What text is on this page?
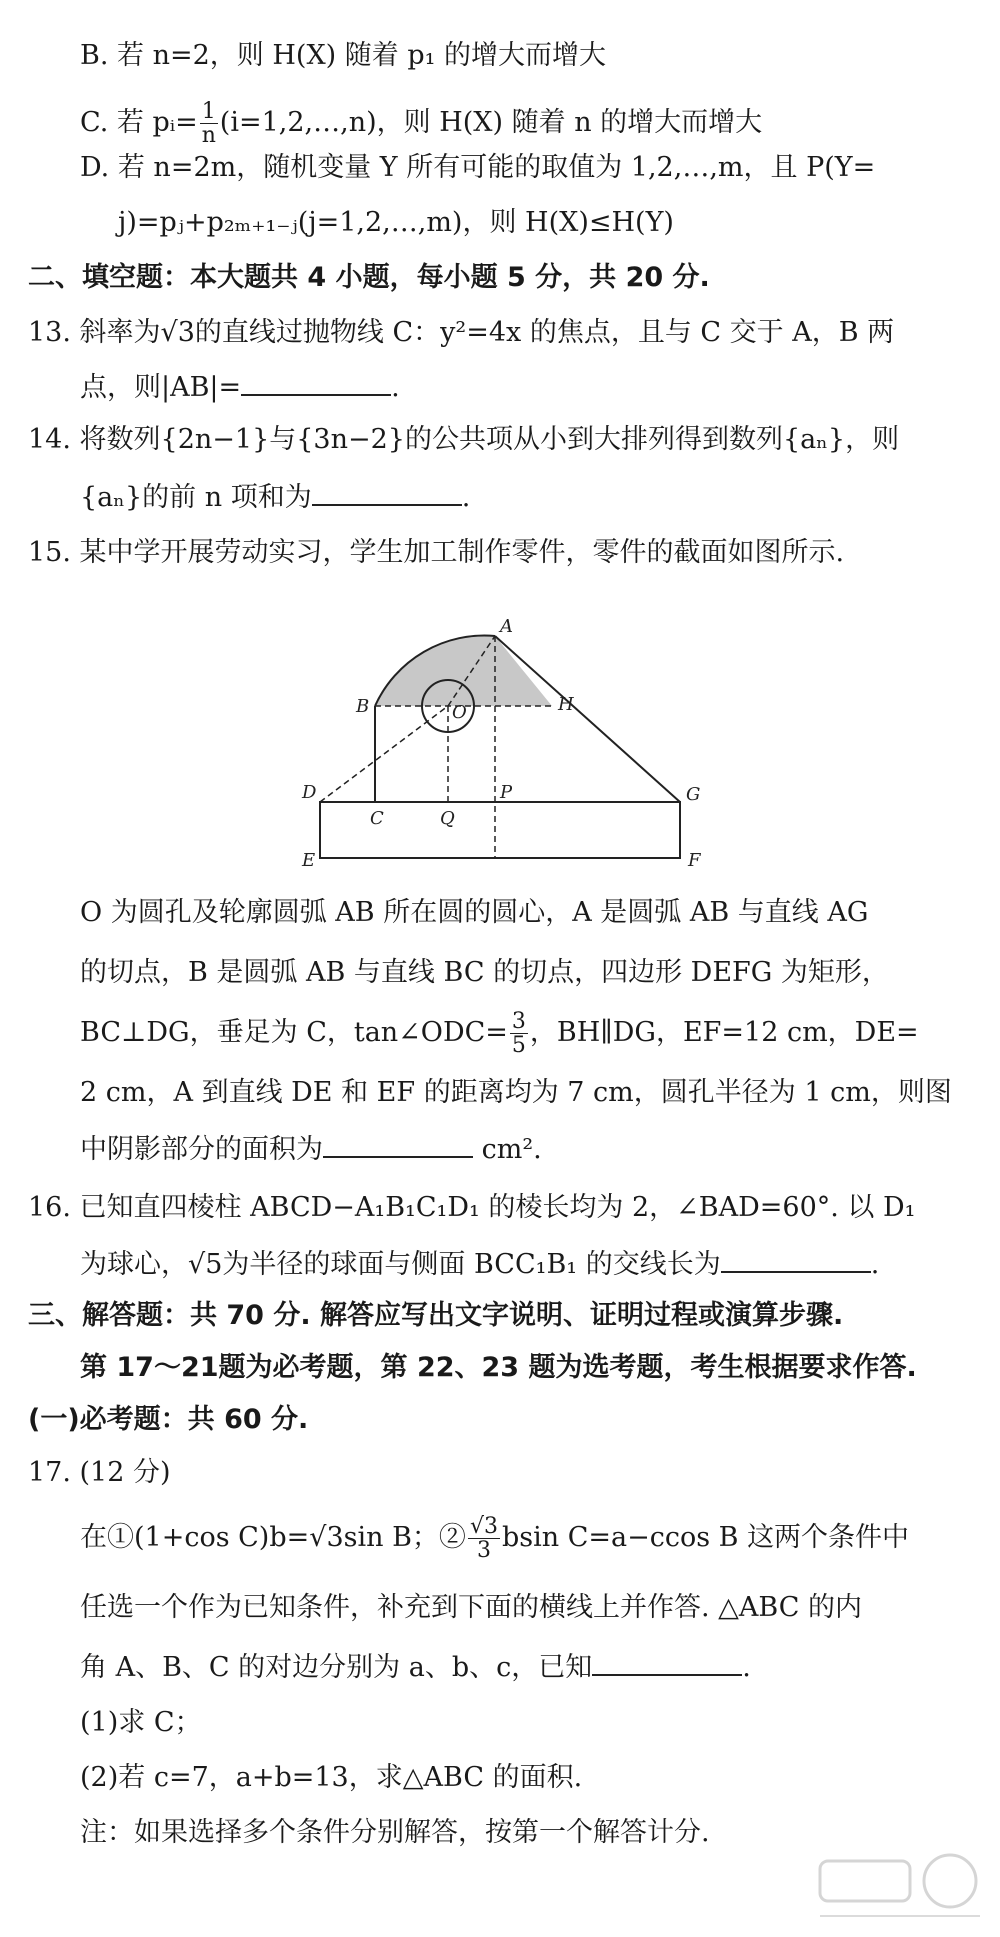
B. 若 n=2，则 H(X) 随着 p₁ 的增大而增大
C. 若 pᵢ= $\frac{1}{n}$ (i=1,2,…,n)，则 H(X) 随着 n 的增大而增大
D. 若 n=2m，随机变量 Y 所有可能的取值为 1,2,…,m，且 P(Y=
j)=pⱼ+p₂ₘ₊₁₋ⱼ(j=1,2,…,m)，则 H(X)≤H(Y)
二、填空题：本大题共 4 小题，每小题 5 分，共 20 分.
13. 斜率为√3的直线过抛物线 C：y²=4x 的焦点，且与 C 交于 A，B 两
点，则|AB|=	.
14. 将数列{2n−1}与{3n−2}的公共项从小到大排列得到数列{aₙ}，则
{aₙ}的前 n 项和为	.
15. 某中学开展劳动实习，学生加工制作零件，零件的截面如图所示.
A
B
C
D
E	F
G
H
O
P
Q
O 为圆孔及轮廓圆弧 AB 所在圆的圆心，A 是圆弧 AB 与直线 AG
的切点，B 是圆弧 AB 与直线 BC 的切点，四边形 DEFG 为矩形，
BC⊥DG，垂足为 C，tan∠ODC= $\frac{3}{5}$ ，BH∥DG，EF=12 cm，DE=
2 cm，A 到直线 DE 和 EF 的距离均为 7 cm，圆孔半径为 1 cm，则图
中阴影部分的面积为	cm².
16. 已知直四棱柱 ABCD−A₁B₁C₁D₁ 的棱长均为 2，∠BAD=60°. 以 D₁
为球心，√5为半径的球面与侧面 BCC₁B₁ 的交线长为	.
三、解答题：共 70 分. 解答应写出文字说明、证明过程或演算步骤.
第 17～21题为必考题，第 22、23 题为选考题，考生根据要求作答.
(一)必考题：共 60 分.
17. (12 分)
在①(1+cos C)b=√3sin B；② $\frac{√3}{3}$ bsin C=a−ccos B 这两个条件中
任选一个作为已知条件，补充到下面的横线上并作答. △ABC 的内
角 A、B、C 的对边分别为 a、b、c，已知	.
(1)求 C；
(2)若 c=7，a+b=13，求△ABC 的面积.
注：如果选择多个条件分别解答，按第一个解答计分.
